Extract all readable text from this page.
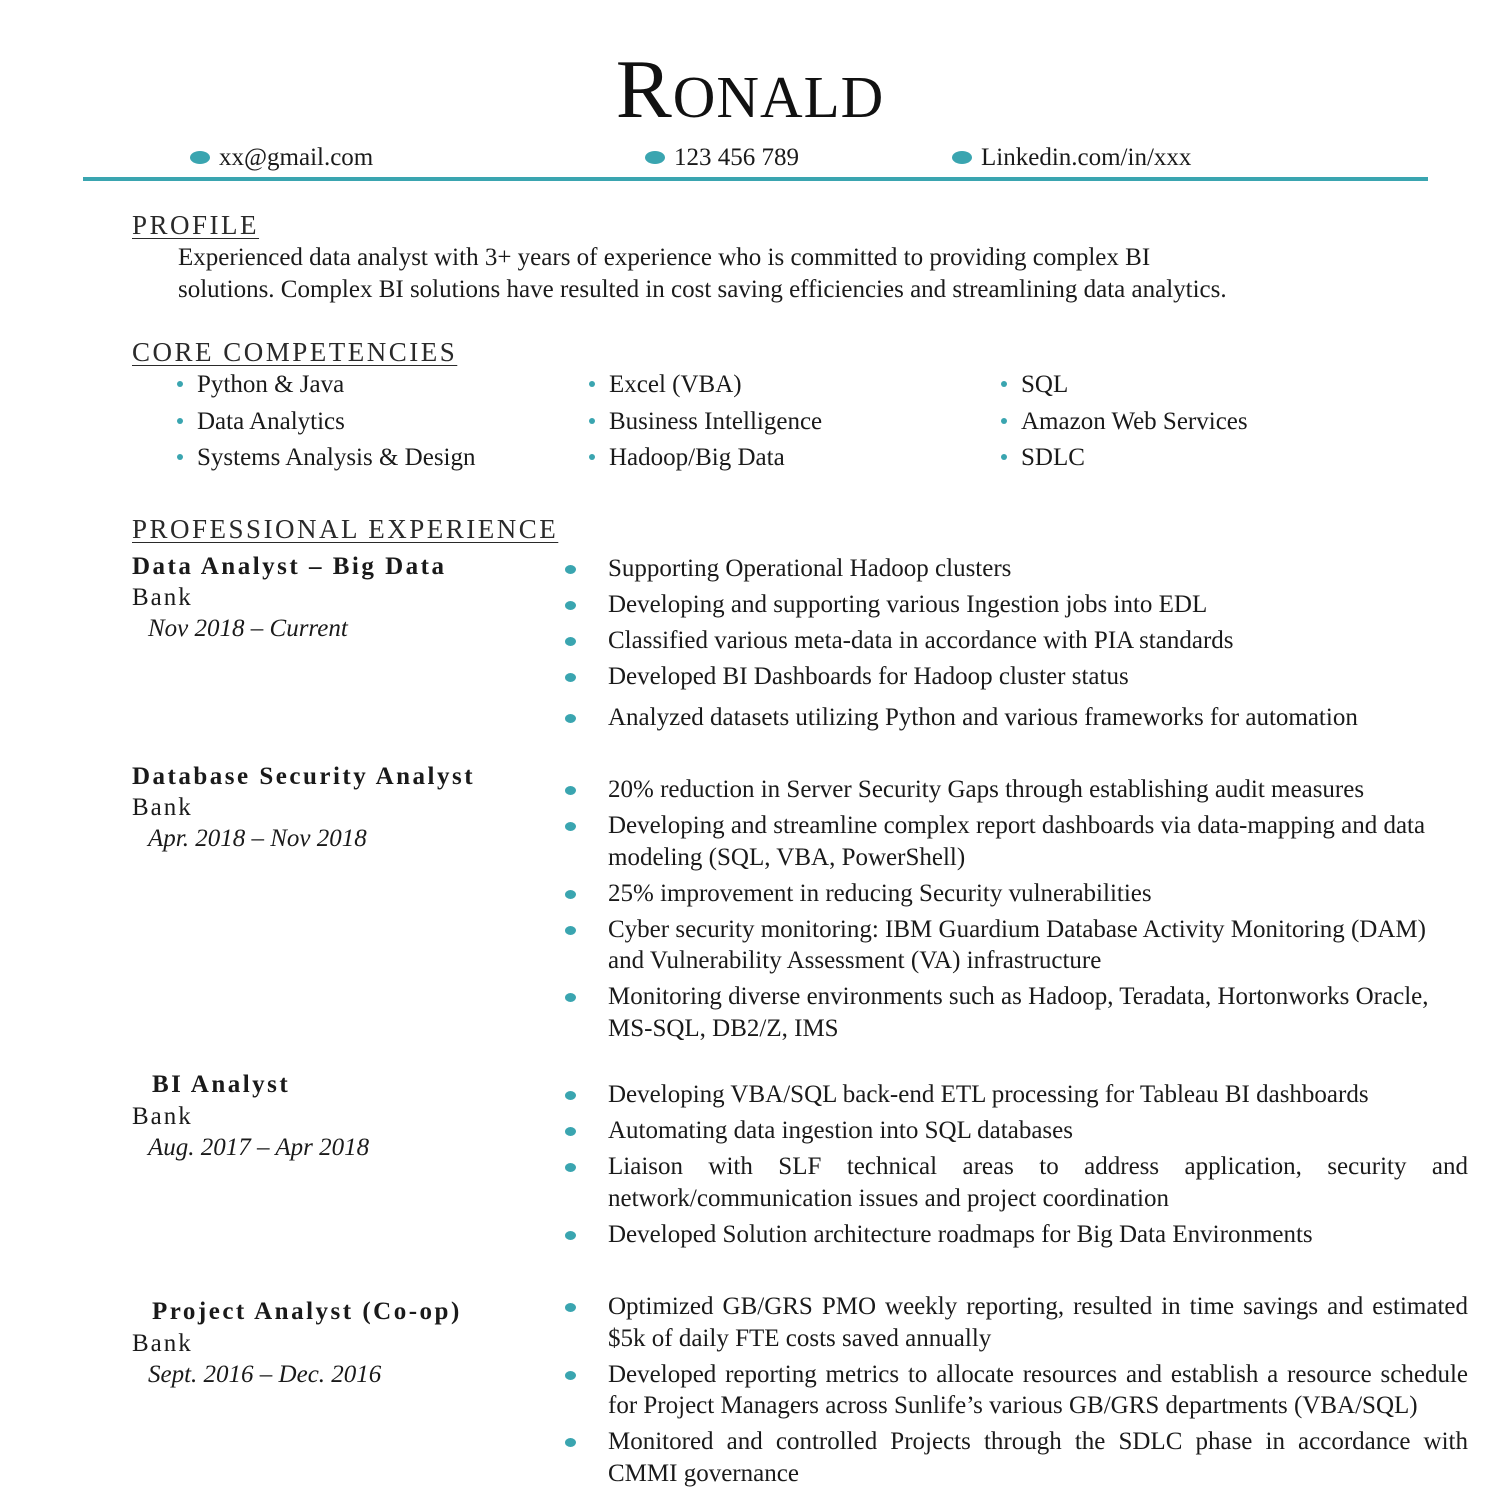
Ronald
xx@gmail.com	123 456 789	Linkedin.com/in/xxx
PROFILE
Experienced data analyst with 3+ years of experience who is committed to providing complex BI
solutions. Complex BI solutions have resulted in cost saving efficiencies and streamlining data analytics.
CORE COMPETENCIES
Python & Java
Data Analytics
Systems Analysis & Design
Excel (VBA)
Business Intelligence
Hadoop/Big Data
SQL
Amazon Web Services
SDLC
PROFESSIONAL EXPERIENCE
Data Analyst – Big Data
Bank
Nov 2018 – Current
Supporting Operational Hadoop clusters
Developing and supporting various Ingestion jobs into EDL
Classified various meta-data in accordance with PIA standards
Developed BI Dashboards for Hadoop cluster status
Analyzed datasets utilizing Python and various frameworks for automation
Database Security Analyst
Bank
Apr. 2018 – Nov 2018
20% reduction in Server Security Gaps through establishing audit measures
Developing and streamline complex report dashboards via data-mapping and data modeling (SQL, VBA, PowerShell)
25% improvement in reducing Security vulnerabilities
Cyber security monitoring: IBM Guardium Database Activity Monitoring (DAM) and Vulnerability Assessment (VA) infrastructure
Monitoring diverse environments such as Hadoop, Teradata, Hortonworks Oracle, MS-SQL, DB2/Z, IMS
BI Analyst
Bank
Aug. 2017 – Apr 2018
Developing VBA/SQL back-end ETL processing for Tableau BI dashboards
Automating data ingestion into SQL databases
Liaison with SLF technical areas to address application, security and network/communication issues and project coordination
Developed Solution architecture roadmaps for Big Data Environments
Project Analyst (Co-op)
Bank
Sept. 2016 – Dec. 2016
Optimized GB/GRS PMO weekly reporting, resulted in time savings and estimated $5k of daily FTE costs saved annually
Developed reporting metrics to allocate resources and establish a resource schedule for Project Managers across Sunlife’s various GB/GRS departments (VBA/SQL)
Monitored and controlled Projects through the SDLC phase in accordance with CMMI governance
